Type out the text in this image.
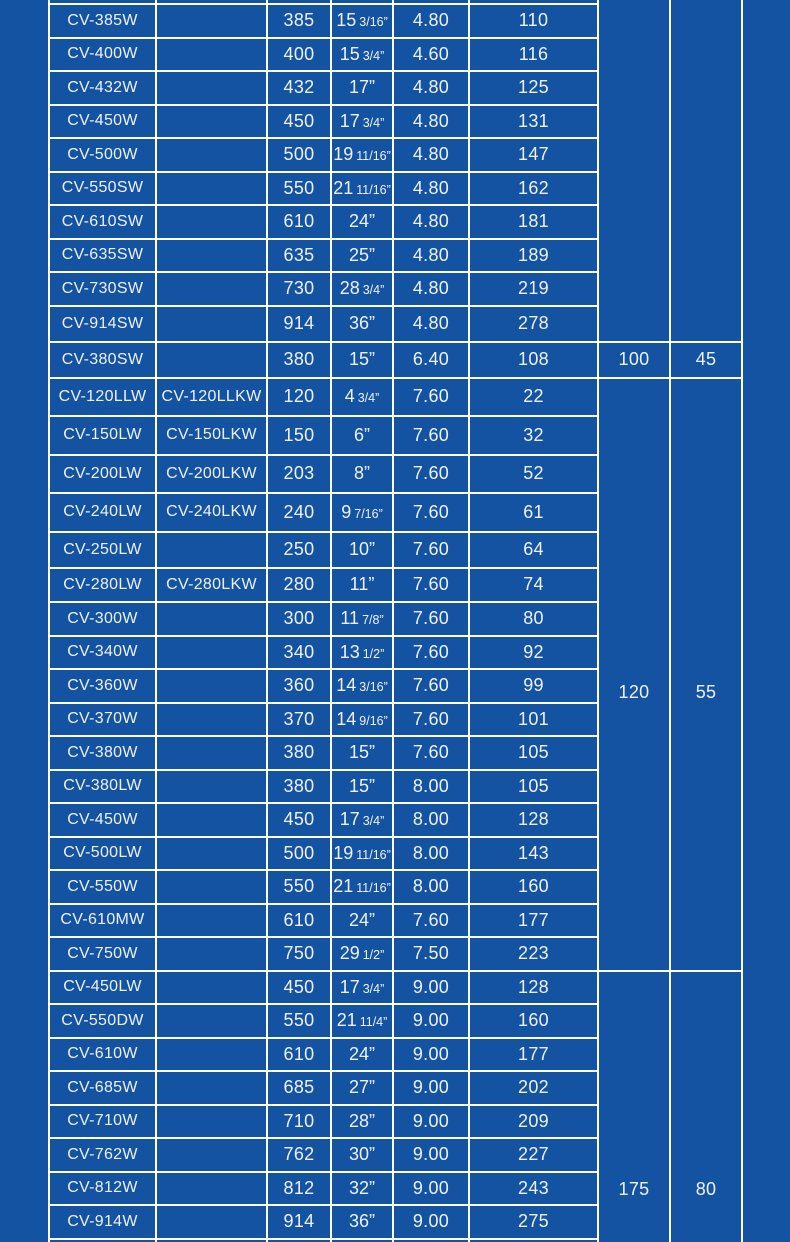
CV-385W		385	15 3/16”	4.80	110		
CV-400W		400	15 3/4”	4.60	116		
CV-432W		432	17”	4.80	125		
CV-450W		450	17 3/4”	4.80	131		
CV-500W		500	19 11/16”	4.80	147		
CV-550SW		550	21 11/16”	4.80	162		
CV-610SW		610	24”	4.80	181		
CV-635SW		635	25”	4.80	189		
CV-730SW		730	28 3/4”	4.80	219		
CV-914SW		914	36”	4.80	278		
CV-380SW		380	15”	6.40	108	100	45
CV-120LLW	CV-120LLKW	120	4 3/4”	7.60	22	120	55
CV-150LW	CV-150LKW	150	6”	7.60	32		
CV-200LW	CV-200LKW	203	8”	7.60	52		
CV-240LW	CV-240LKW	240	9 7/16”	7.60	61		
CV-250LW		250	10”	7.60	64		
CV-280LW	CV-280LKW	280	11”	7.60	74		
CV-300W		300	11 7/8”	7.60	80		
CV-340W		340	13 1/2”	7.60	92		
CV-360W		360	14 3/16”	7.60	99		
CV-370W		370	14 9/16”	7.60	101		
CV-380W		380	15”	7.60	105		
CV-380LW		380	15”	8.00	105		
CV-450W		450	17 3/4”	8.00	128		
CV-500LW		500	19 11/16”	8.00	143		
CV-550W		550	21 11/16”	8.00	160		
CV-610MW		610	24”	7.60	177		
CV-750W		750	29 1/2”	7.50	223		
CV-450LW		450	17 3/4”	9.00	128	175	80
CV-550DW		550	21 11/4”	9.00	160		
CV-610W		610	24”	9.00	177		
CV-685W		685	27”	9.00	202		
CV-710W		710	28”	9.00	209		
CV-762W		762	30”	9.00	227		
CV-812W		812	32”	9.00	243		
CV-914W		914	36”	9.00	275		
